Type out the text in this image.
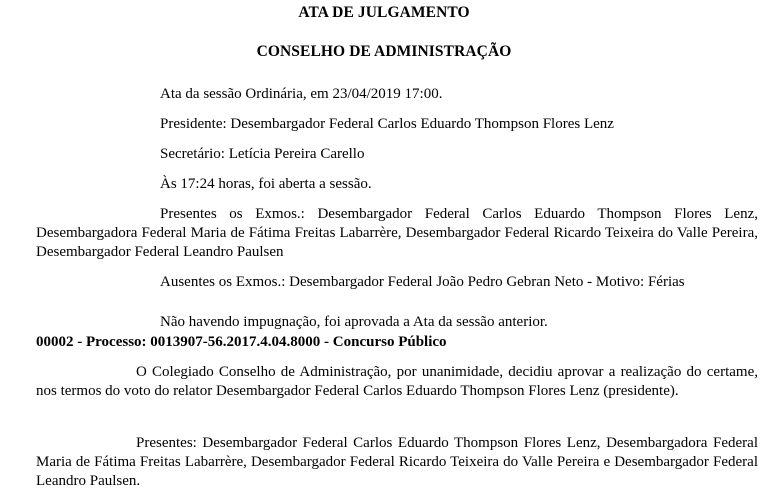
ATA DE JULGAMENTO
CONSELHO DE ADMINISTRAÇÃO
Ata da sessão Ordinária, em 23/04/2019 17:00.
Presidente: Desembargador Federal Carlos Eduardo Thompson Flores Lenz
Secretário: Letícia Pereira Carello
Às 17:24 horas, foi aberta a sessão.
Presentes os Exmos.: Desembargador Federal Carlos Eduardo Thompson Flores Lenz, Desembargadora Federal Maria de Fátima Freitas Labarrère, Desembargador Federal Ricardo Teixeira do Valle Pereira, Desembargador Federal Leandro Paulsen
Ausentes os Exmos.: Desembargador Federal João Pedro Gebran Neto - Motivo: Férias
Não havendo impugnação, foi aprovada a Ata da sessão anterior.
00002 - Processo: 0013907-56.2017.4.04.8000 - Concurso Público
O Colegiado Conselho de Administração, por unanimidade, decidiu aprovar a realização do certame, nos termos do voto do relator Desembargador Federal Carlos Eduardo Thompson Flores Lenz (presidente).
Presentes: Desembargador Federal Carlos Eduardo Thompson Flores Lenz, Desembargadora Federal Maria de Fátima Freitas Labarrère, Desembargador Federal Ricardo Teixeira do Valle Pereira e Desembargador Federal Leandro Paulsen.
